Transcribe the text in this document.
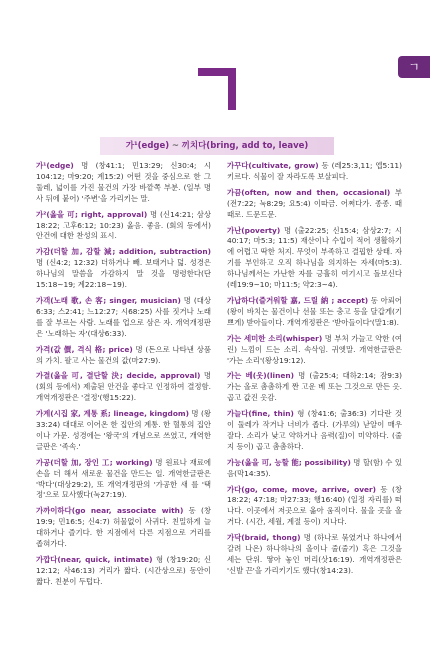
ㄱ
가¹(edge) ~ 끼치다(bring, add to, leave)

가¹(edge) 명 (창41:1; 민13:29; 신30:4; 시104:12; 마9:20; 계15:2) 어떤 것을 중심으로 한 그 둘레, 넓이를 가진 물건의 가장 바깥쪽 부분. (일부 명사 뒤에 붙어) '주변'을 가리키는 말.

가²(옳을 可; right, approval) 명 (신14:21; 삼상18:22; 고후6:12; 10:23) 옳음. 좋음. (회의 등에서) 안건에 대한 찬성의 표시.

가감(더할 加, 감할 減; addition, subtraction) 명 (신4:2; 12:32) 더하거나 빼. 보태거나 덞. 성경은 하나님의 말씀을 가감하지 말 것을 명령한다(단15:18~19; 계22:18~19).

가객(노래 歌, 손 客; singer, musician) 명 (대상6:33; 스2:41; 느12:27; 시68:25) 사를 짓거나 노래를 잘 부르는 사람. 노래를 업으로 삼은 자. 개역개정판은 '노래하는 자'(대상6:33).

가격(값 價, 격식 格; price) 명 (돈으로 나타낸 상품의 가치. 팔고 사는 물건의 값(마27:9).

가결(옳을 可, 결단할 決; decide, approval) 명 (회의 등에서) 제출된 안건을 좋다고 인정하여 결정함. 개역개정판은 '결정'(행15:22).

가계(시집 家, 계통 系; lineage, kingdom) 명 (왕33:24) 대대로 이어온 한 집안의 계통. 한 혈통의 집안이나 가문. 성경에는 '왕국'의 개념으로 쓰였고, 개역한글판은 '족속.'

가공(더할 加, 장인 工; working) 명 원료나 재료에 손을 더 해서 새로운 물건을 만드는 일. 개역한글판은 '박다'(대상29:2), 또 개역개정판의 '가공한 새 를 '택정'으로 묘사했다(눅27:19).

가까이하다(go near, associate with) 동 (창19:9; 민16:5; 신4:7) 허물없이 사귀다. 친밀하게 늘 대하거나 즐기다. 한 지점에서 다른 지점으로 거리를 좁혀가다.

가깝다(near, quick, intimate) 형 (창19:20; 신12:12; 사46:13) 거리가 짧다. (시간상으로) 동안이 짧다. 친분이 두텁다.

가꾸다(cultivate, grow) 동 (레25:3,11; 엡5:11) 키르다. 식물이 잘 자라도록 보살피다.

가끔(often, now and then, occasional) 부 (전7:22; 눅8:29; 요5:4) 이따금. 어쩌다가. 종종. 때때로. 드문드문.

가난(poverty) 명 (출22:25; 신15:4; 삼상2:7; 시40:17; 마5:3; 11:5) 재산이나 수입이 적어 생활하기에 어렵고 딱한 처지. 무엇이 부족하고 결핍한 상태. 자기를 부인하고 오직 하나님을 의지하는 자세(마5:3). 하나님께서는 가난한 자를 긍휼히 여기시고 돌보신다(레19:9~10; 마11:5; 약2:3~4).

가납하다(즐거워할 嘉, 드릴 納 ; accept) 동 아뢰어(왕이 바치는 물건이나 선물 또는 충고 등을 달갑게(기쁘게) 받아들이다. 개역개정판은 '받아들이다'(말1:8).

가는 세미한 소리(whisper) 명 부처 가늘고 약한 (여린) 느낌이 드는 소리. 속삭임. 귀엣말. 개역한글판은 '가는 소리'(왕상19:12).

가는 베(옷)(linen) 명 (출25:4; 대하2:14; 잠9:3) 가는 올로 촘촘하게 짠 고운 베 또는 그것으로 만든 옷. 곱고 값진 옷감.

가늘다(fine, thin) 형 (창41:6; 출36:3) 기다란 것이 둘레가 작거나 너비가 좁다. (가루의) 낟알이 매우 잘다. 소리가 낮고 약하거나 음력(질)이 미약하다. (줄지 등이) 곱고 촘촘하다.

가능(옳을 可, 능할 能; possibility) 명 할(함) 수 있음(막14:35).

가다(go, come, move, arrive, over) 동 (창18:22; 47:18; 마27:33; 행16:40) (일정 자리를) 떠나다. 이곳에서 저곳으로 옮아 움직이다. 물을 곳을 올거다. (시간, 세월, 계절 등이) 지나다.

가닥(braid, thong) 명 (하나로 묶였거나 하나에서 갈려 나온) 하나하나의 올이나 줄(줄기) 혹은 그것을 세는 단위. 땋아 놓인 머리(삿16:19). 개역개정판은 '신발 끈'을 가리키기도 했다(창14:23).
